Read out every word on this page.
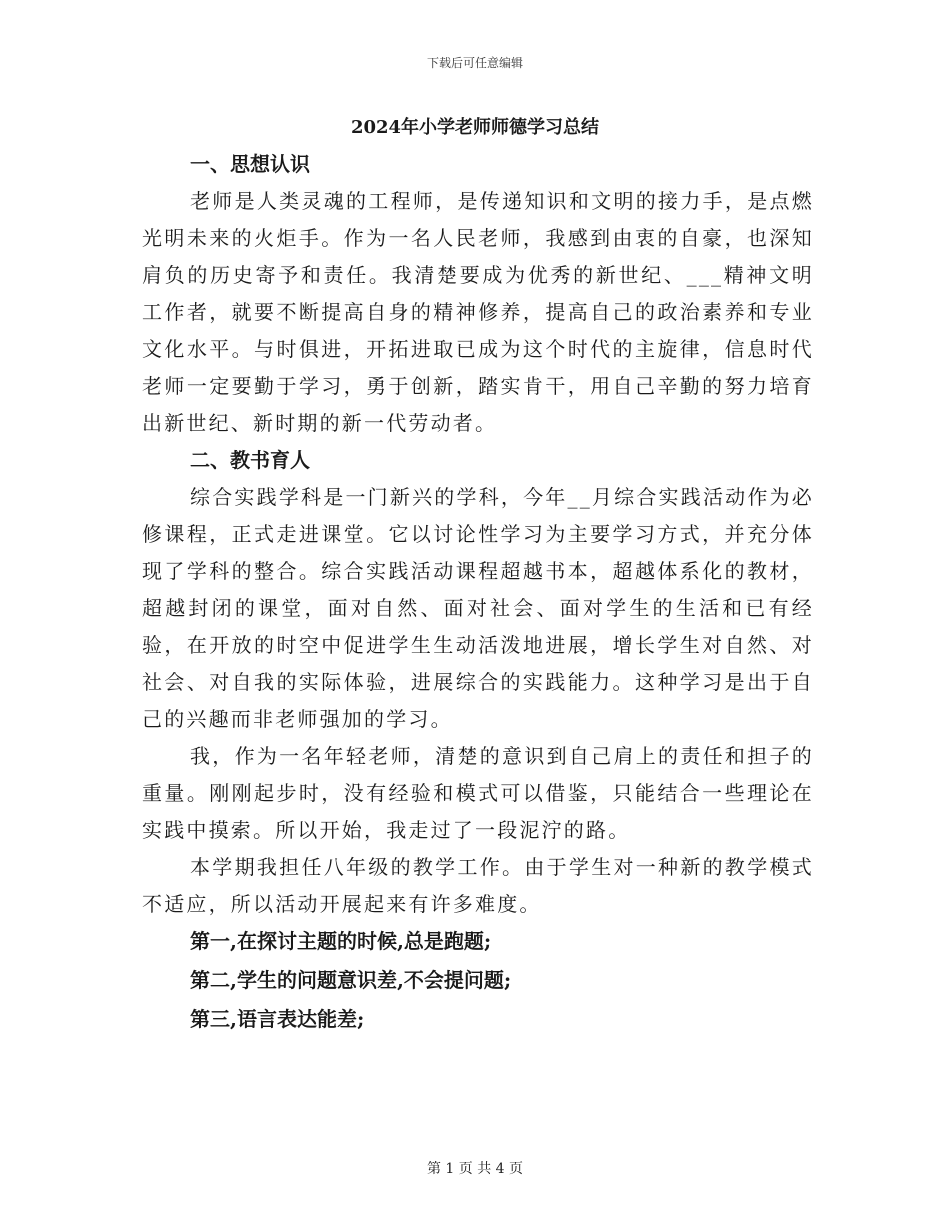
下载后可任意编辑
2024年小学老师师德学习总结

一、思想认识

老师是人类灵魂的工程师，是传递知识和文明的接力手，是点燃光明未来的火炬手。作为一名人民老师，我感到由衷的自豪，也深知肩负的历史寄予和责任。我清楚要成为优秀的新世纪、___精神文明工作者，就要不断提高自身的精神修养，提高自己的政治素养和专业文化水平。与时俱进，开拓进取已成为这个时代的主旋律，信息时代老师一定要勤于学习，勇于创新，踏实肯干，用自己辛勤的努力培育出新世纪、新时期的新一代劳动者。

二、教书育人

综合实践学科是一门新兴的学科，今年__月综合实践活动作为必修课程，正式走进课堂。它以讨论性学习为主要学习方式，并充分体现了学科的整合。综合实践活动课程超越书本，超越体系化的教材，超越封闭的课堂，面对自然、面对社会、面对学生的生活和已有经验，在开放的时空中促进学生生动活泼地进展，增长学生对自然、对社会、对自我的实际体验，进展综合的实践能力。这种学习是出于自己的兴趣而非老师强加的学习。

我，作为一名年轻老师，清楚的意识到自己肩上的责任和担子的重量。刚刚起步时，没有经验和模式可以借鉴，只能结合一些理论在实践中摸索。所以开始，我走过了一段泥泞的路。

本学期我担任八年级的教学工作。由于学生对一种新的教学模式不适应，所以活动开展起来有许多难度。

第一,在探讨主题的时候,总是跑题;

第二,学生的问题意识差,不会提问题;

第三,语言表达能差;

第 1 页 共 4 页
